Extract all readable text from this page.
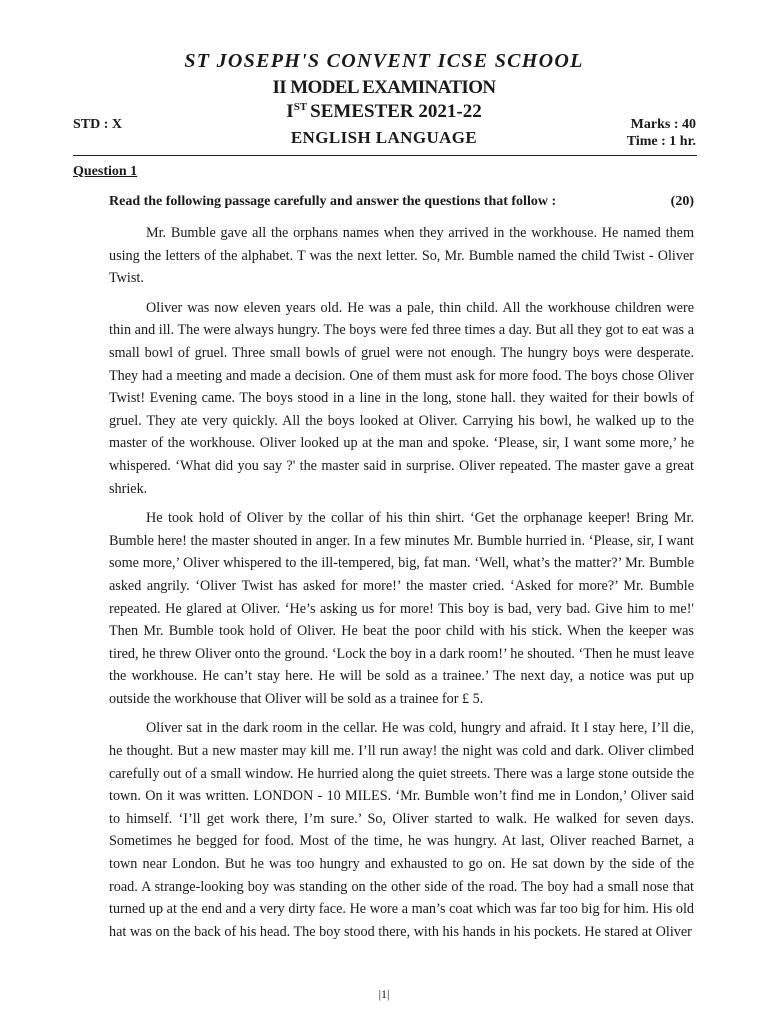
ST JOSEPH'S CONVENT ICSE SCHOOL
II MODEL EXAMINATION
IST SEMESTER 2021-22
ENGLISH LANGUAGE
STD : X	Marks : 40
Time : 1 hr.
Question 1
Read the following passage carefully and answer the questions that follow :	(20)

Mr. Bumble gave all the orphans names when they arrived in the workhouse. He named them using the letters of the alphabet. T was the next letter. So, Mr. Bumble named the child Twist - Oliver Twist.

Oliver was now eleven years old. He was a pale, thin child. All the workhouse children were thin and ill. The were always hungry. The boys were fed three times a day. But all they got to eat was a small bowl of gruel. Three small bowls of gruel were not enough. The hungry boys were desperate. They had a meeting and made a decision. One of them must ask for more food. The boys chose Oliver Twist! Evening came. The boys stood in a line in the long, stone hall. they waited for their bowls of gruel. They ate very quickly. All the boys looked at Oliver. Carrying his bowl, he walked up to the master of the workhouse. Oliver looked up at the man and spoke. ‘Please, sir, I want some more,’ he whispered. ‘What did you say ?' the master said in surprise. Oliver repeated. The master gave a great shriek.

He took hold of Oliver by the collar of his thin shirt. ‘Get the orphanage keeper! Bring Mr. Bumble here! the master shouted in anger. In a few minutes Mr. Bumble hurried in. ‘Please, sir, I want some more,’ Oliver whispered to the ill-tempered, big, fat man. ‘Well, what’s the matter?’ Mr. Bumble asked angrily. ‘Oliver Twist has asked for more!’ the master cried. ‘Asked for more?’ Mr. Bumble repeated. He glared at Oliver. ‘He’s asking us for more! This boy is bad, very bad. Give him to me!' Then Mr. Bumble took hold of Oliver. He beat the poor child with his stick. When the keeper was tired, he threw Oliver onto the ground. ‘Lock the boy in a dark room!’ he shouted. ‘Then he must leave the workhouse. He can’t stay here. He will be sold as a trainee.’ The next day, a notice was put up outside the workhouse that Oliver will be sold as a trainee for £ 5.

Oliver sat in the dark room in the cellar. He was cold, hungry and afraid. It I stay here, I’ll die, he thought. But a new master may kill me. I’ll run away! the night was cold and dark. Oliver climbed carefully out of a small window. He hurried along the quiet streets. There was a large stone outside the town. On it was written. LONDON - 10 MILES. ‘Mr. Bumble won’t find me in London,’ Oliver said to himself. ‘I’ll get work there, I’m sure.’ So, Oliver started to walk. He walked for seven days. Sometimes he begged for food. Most of the time, he was hungry. At last, Oliver reached Barnet, a town near London. But he was too hungry and exhausted to go on. He sat down by the side of the road. A strange-looking boy was standing on the other side of the road. The boy had a small nose that turned up at the end and a very dirty face. He wore a man’s coat which was far too big for him. His old hat was on the back of his head. The boy stood there, with his hands in his pockets. He stared at Oliver

|1|
